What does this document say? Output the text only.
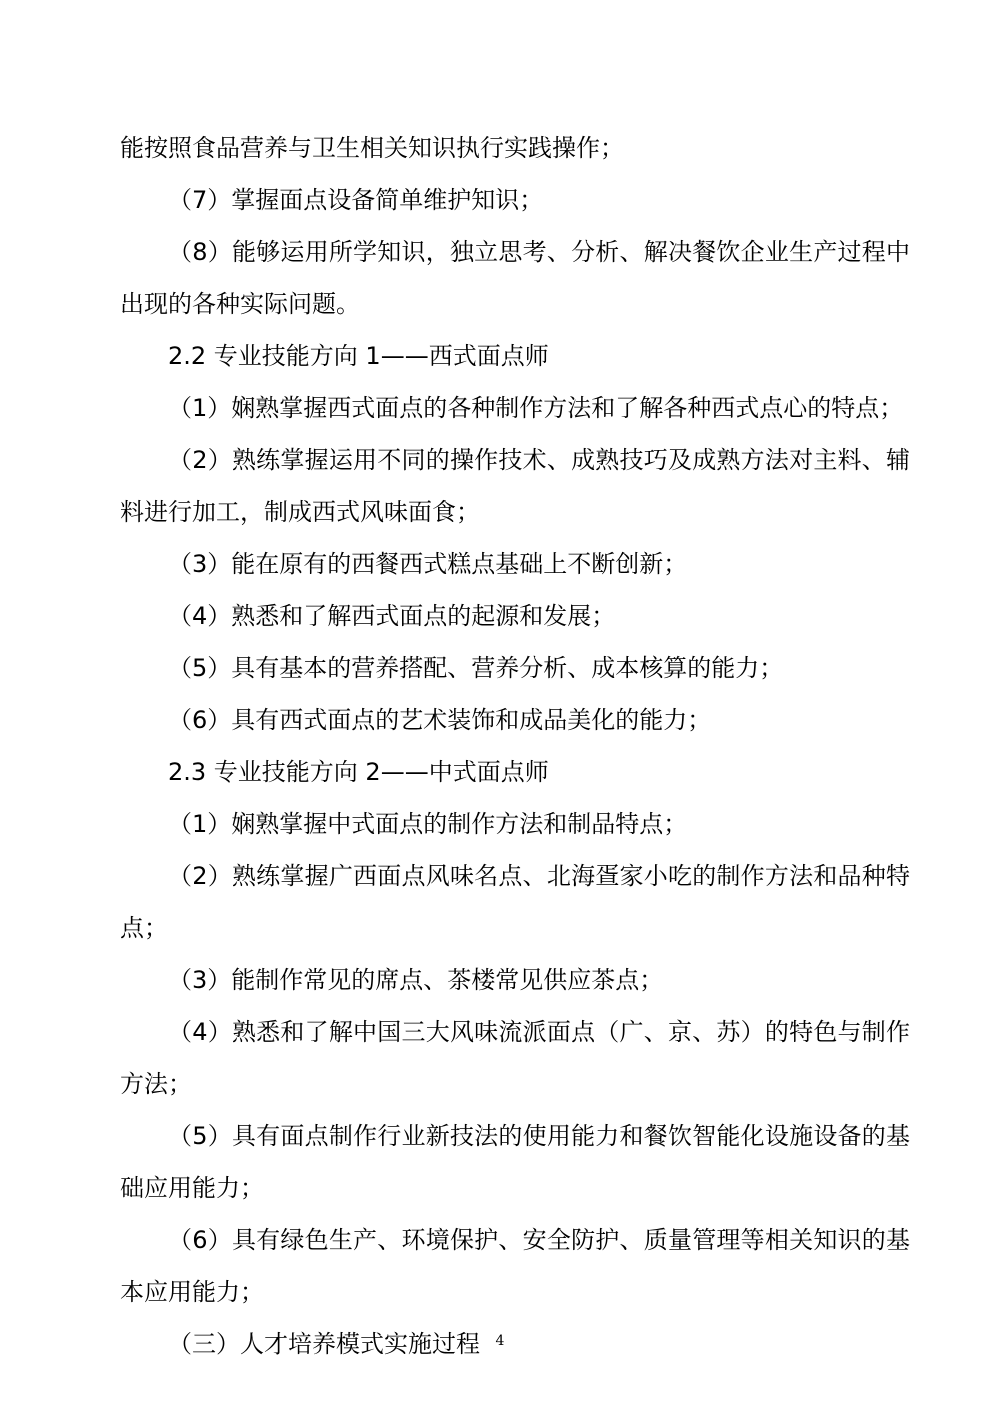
能按照食品营养与卫生相关知识执行实践操作；

（7）掌握面点设备简单维护知识；

（8）能够运用所学知识，独立思考、分析、解决餐饮企业生产过程中出现的各种实际问题。

2.2 专业技能方向 1——西式面点师

（1）娴熟掌握西式面点的各种制作方法和了解各种西式点心的特点；

（2）熟练掌握运用不同的操作技术、成熟技巧及成熟方法对主料、辅料进行加工，制成西式风味面食；

（3）能在原有的西餐西式糕点基础上不断创新；

（4）熟悉和了解西式面点的起源和发展；

（5）具有基本的营养搭配、营养分析、成本核算的能力；

（6）具有西式面点的艺术装饰和成品美化的能力；

2.3 专业技能方向 2——中式面点师

（1）娴熟掌握中式面点的制作方法和制品特点；

（2）熟练掌握广西面点风味名点、北海疍家小吃的制作方法和品种特点；

（3）能制作常见的席点、茶楼常见供应茶点；

（4）熟悉和了解中国三大风味流派面点（广、京、苏）的特色与制作方法；

（5）具有面点制作行业新技法的使用能力和餐饮智能化设施设备的基础应用能力；

（6）具有绿色生产、环境保护、安全防护、质量管理等相关知识的基本应用能力；

（三）人才培养模式实施过程	4
